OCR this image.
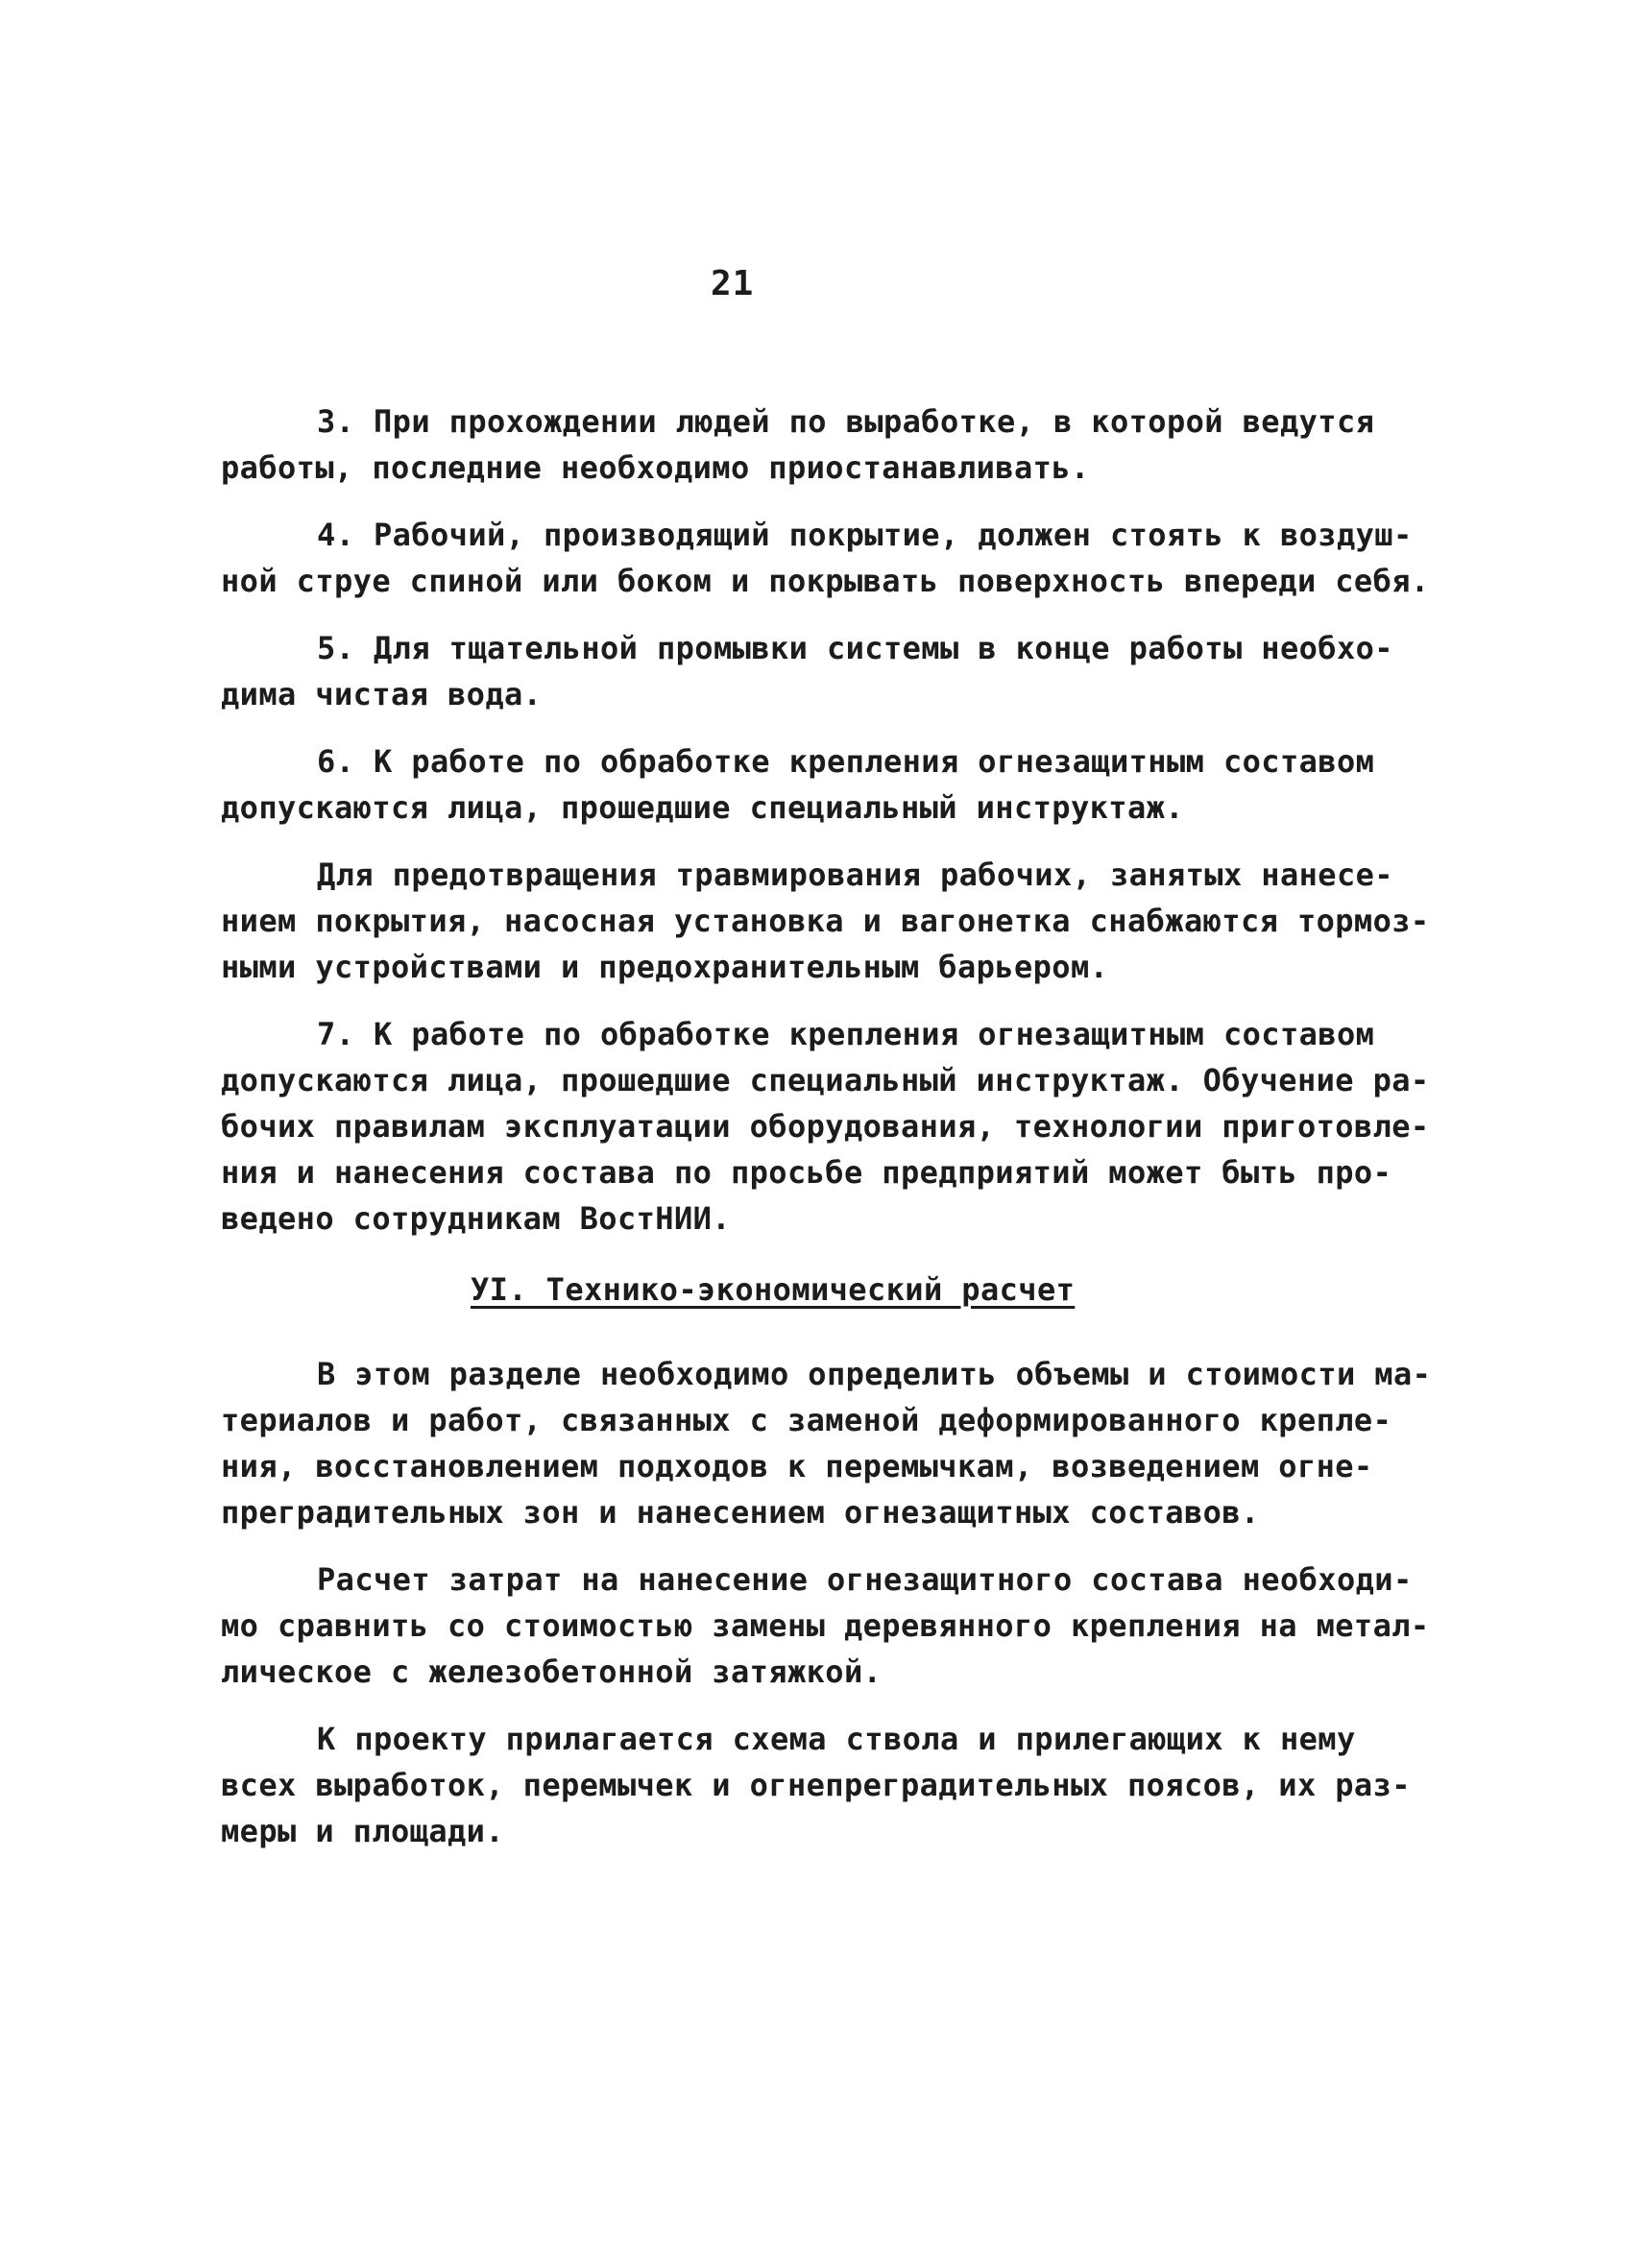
21

3. При прохождении людей по выработке, в которой ведутся
работы, последние необходимо приостанавливать.

4. Рабочий, производящий покрытие, должен стоять к воздуш-
ной струе спиной или боком и покрывать поверхность впереди себя.

5. Для тщательной промывки системы в конце работы необхо-
дима чистая вода.

6. К работе по обработке крепления огнезащитным составом
допускаются лица, прошедшие специальный инструктаж.

Для предотвращения травмирования рабочих, занятых нанесе-
нием покрытия, насосная установка и вагонетка снабжаются тормоз-
ными устройствами и предохранительным барьером.

7. К работе по обработке крепления огнезащитным составом
допускаются лица, прошедшие специальный инструктаж. Обучение ра-
бочих правилам эксплуатации оборудования, технологии приготовле-
ния и нанесения состава по просьбе предприятий может быть про-
ведено сотрудникам ВостНИИ.

УI. Технико-экономический расчет

В этом разделе необходимо определить объемы и стоимости ма-
териалов и работ, связанных с заменой деформированного крепле-
ния, восстановлением подходов к перемычкам, возведением огне-
преградительных зон и нанесением огнезащитных составов.

Расчет затрат на нанесение огнезащитного состава необходи-
мо сравнить со стоимостью замены деревянного крепления на метал-
лическое с железобетонной затяжкой.

К проекту прилагается схема ствола и прилегающих к нему
всех выработок, перемычек и огнепреградительных поясов, их раз-
меры и площади.
